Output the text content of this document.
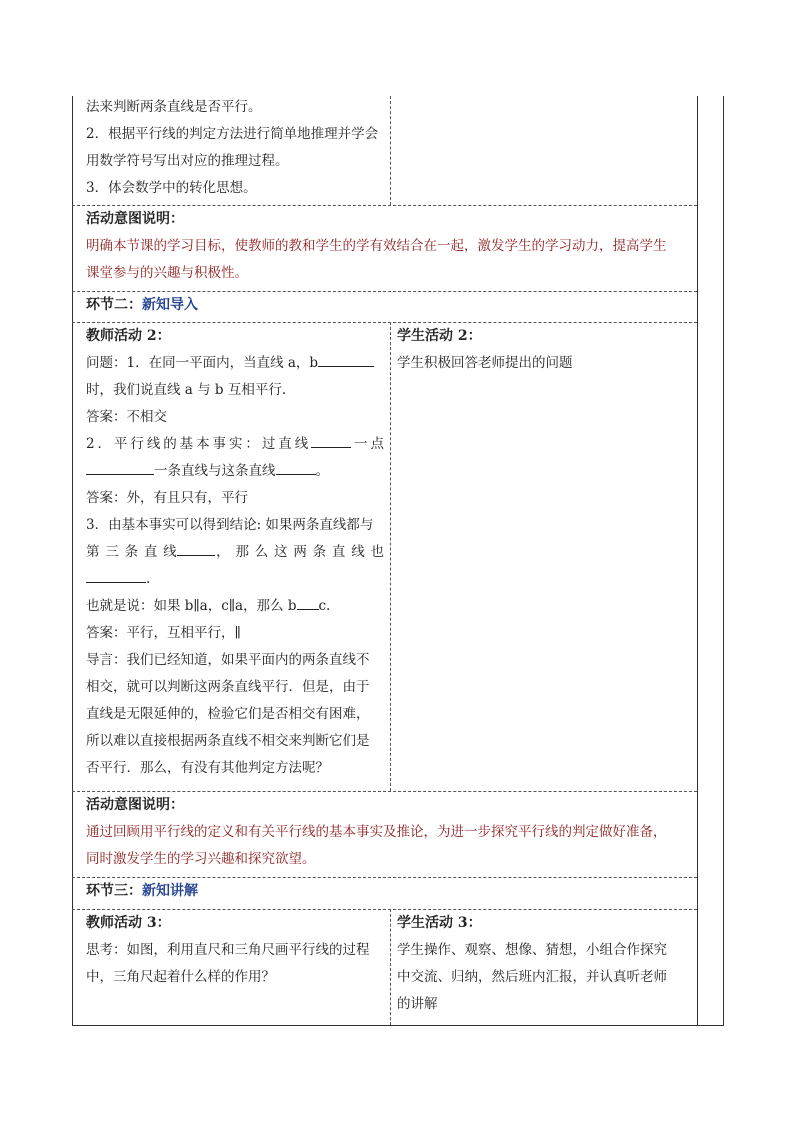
法来判断两条直线是否平行。

2．根据平行线的判定方法进行简单地推理并学会

用数学符号写出对应的推理过程。

3．体会数学中的转化思想。

活动意图说明：

明确本节课的学习目标，使教师的教和学生的学有效结合在一起，激发学生的学习动力，提高学生

课堂参与的兴趣与积极性。

环节二：新知导入

教师活动 2：

问题：1．在同一平面内，当直线 a，b

时，我们说直线 a 与 b 互相平行.

答案：不相交

2．平行线的基本事实：过直线	一点

一条直线与这条直线	。

答案：外，有且只有，平行

3．由基本事实可以得到结论: 如果两条直线都与

第 三 条 直 线	， 那 么 这 两 条 直 线 也

.

也就是说：如果 b∥a，c∥a，那么 b c.

答案：平行，互相平行，∥

导言：我们已经知道，如果平面内的两条直线不

相交，就可以判断这两条直线平行．但是，由于

直线是无限延伸的，检验它们是否相交有困难，

所以难以直接根据两条直线不相交来判断它们是

否平行．那么，有没有其他判定方法呢？

学生活动 2：

学生积极回答老师提出的问题

活动意图说明：

通过回顾用平行线的定义和有关平行线的基本事实及推论，为进一步探究平行线的判定做好准备，

同时激发学生的学习兴趣和探究欲望。

环节三：新知讲解

教师活动 3：

思考：如图，利用直尺和三角尺画平行线的过程

中，三角尺起着什么样的作用？

学生活动 3：

学生操作、观察、想像、猜想，小组合作探究

中交流、归纳，然后班内汇报，并认真听老师

的讲解
